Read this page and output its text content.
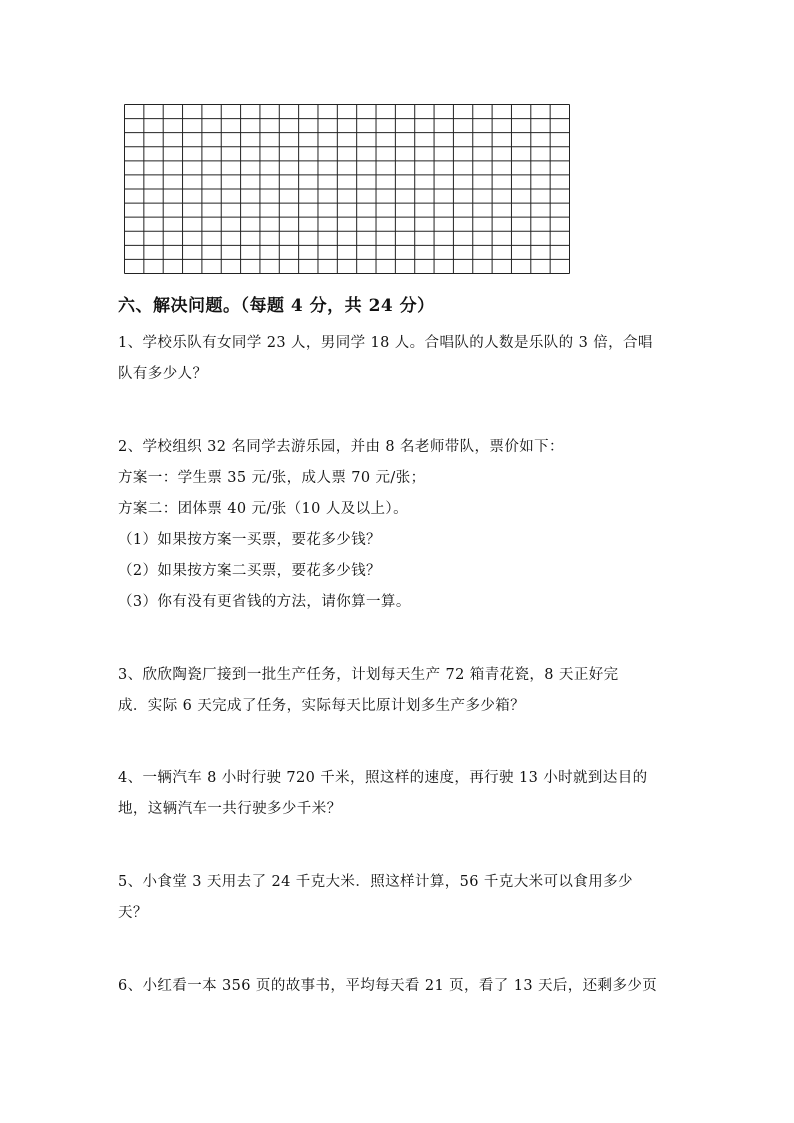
六、解决问题。（每题 4 分，共 24 分）
1、学校乐队有女同学 23 人，男同学 18 人。合唱队的人数是乐队的 3 倍，合唱
队有多少人？
2、学校组织 32 名同学去游乐园，并由 8 名老师带队，票价如下：
方案一：学生票 35 元/张，成人票 70 元/张；
方案二：团体票 40 元/张（10 人及以上）。
（1）如果按方案一买票，要花多少钱？
（2）如果按方案二买票，要花多少钱？
（3）你有没有更省钱的方法，请你算一算。
3、欣欣陶瓷厂接到一批生产任务，计划每天生产 72 箱青花瓷，8 天正好完
成．实际 6 天完成了任务，实际每天比原计划多生产多少箱？
4、一辆汽车 8 小时行驶 720 千米，照这样的速度，再行驶 13 小时就到达目的
地，这辆汽车一共行驶多少千米？
5、小食堂 3 天用去了 24 千克大米．照这样计算，56 千克大米可以食用多少
天？
6、小红看一本 356 页的故事书，平均每天看 21 页，看了 13 天后，还剩多少页
